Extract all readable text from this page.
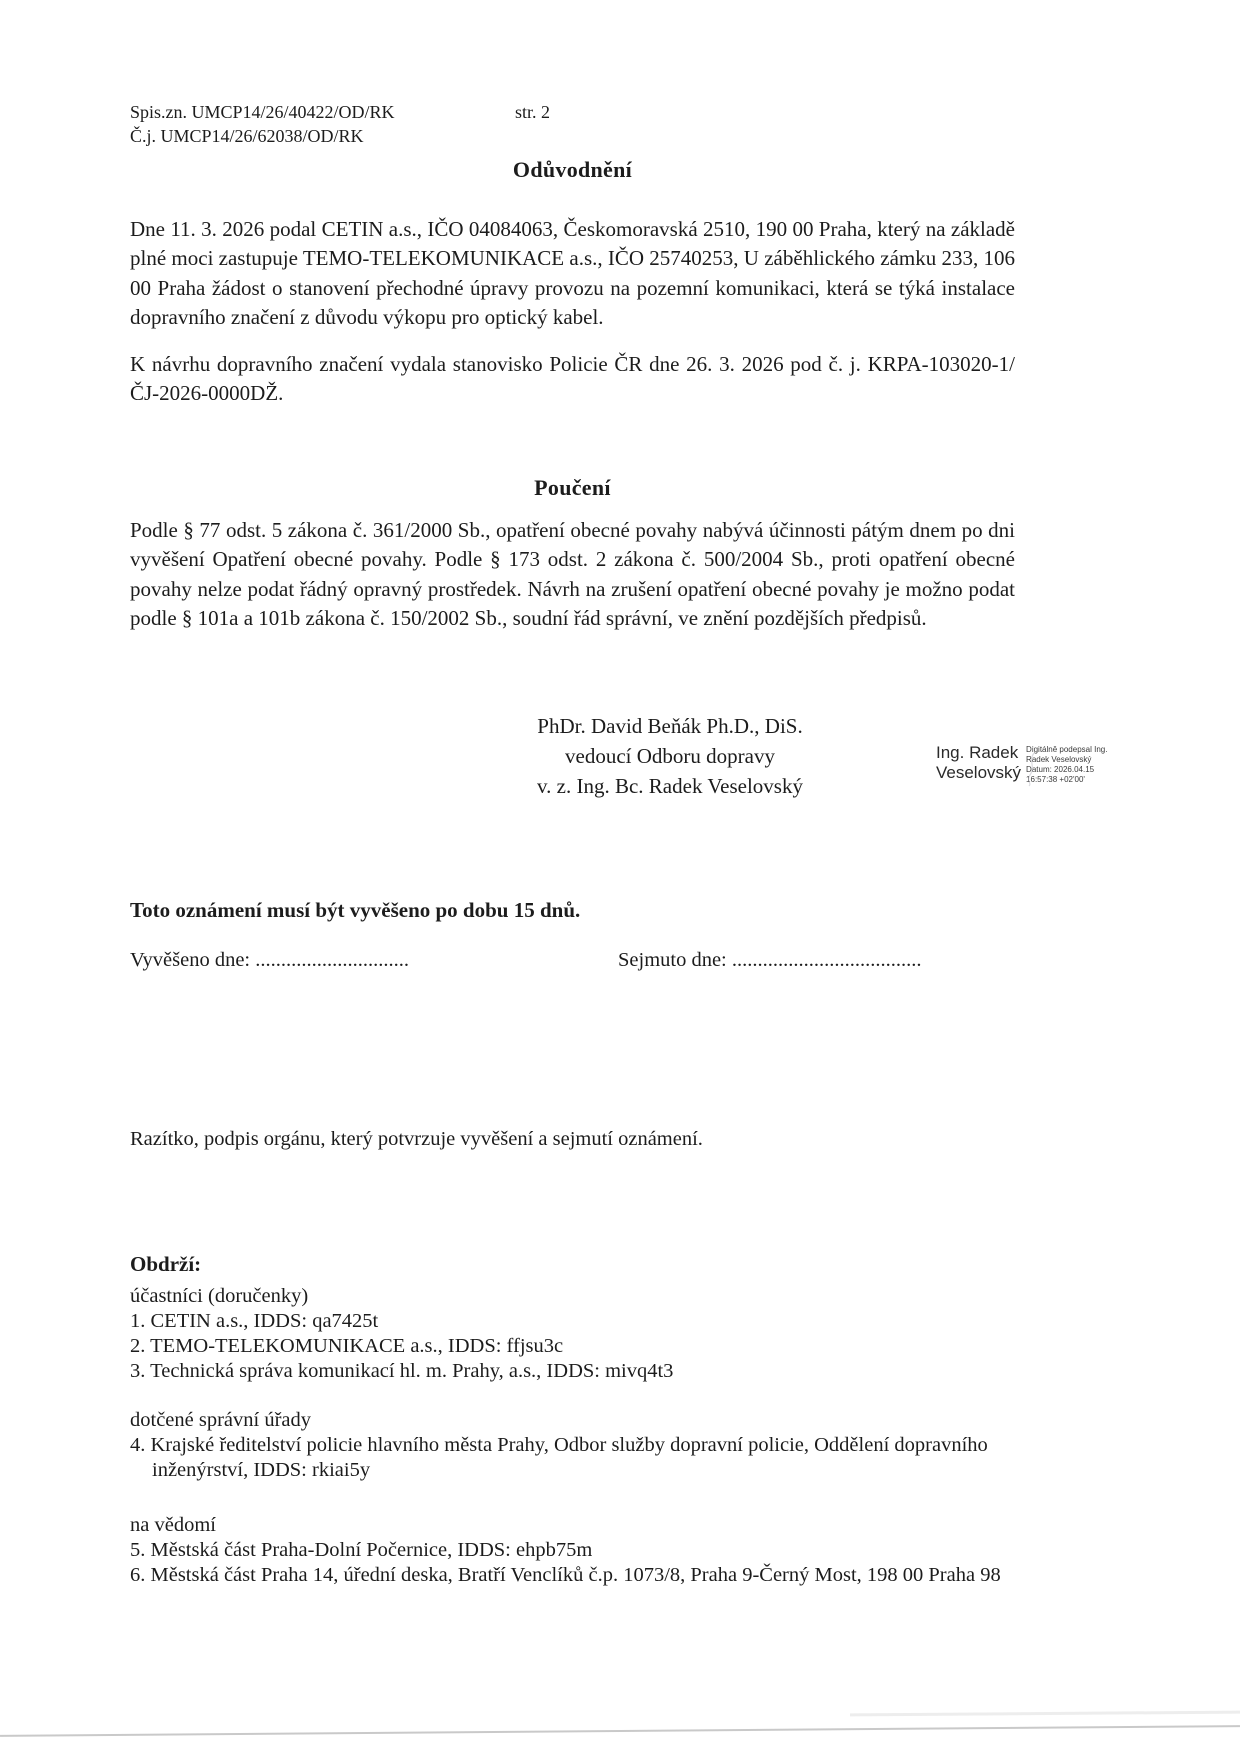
Spis.zn. UMCP14/26/40422/OD/RK	str. 2
Č.j. UMCP14/26/62038/OD/RK
Odůvodnění
Dne 11. 3. 2026 podal CETIN a.s., IČO 04084063, Českomoravská 2510, 190 00 Praha, který na základě plné moci zastupuje TEMO-TELEKOMUNIKACE a.s., IČO 25740253, U záběhlického zámku 233, 106 00 Praha žádost o stanovení přechodné úpravy provozu na pozemní komunikaci, která se týká instalace dopravního značení z důvodu výkopu pro optický kabel.
K návrhu dopravního značení vydala stanovisko Policie ČR dne 26. 3. 2026 pod č. j. KRPA-103020-1/ČJ-2026-0000DŽ.
Poučení
Podle § 77 odst. 5 zákona č. 361/2000 Sb., opatření obecné povahy nabývá účinnosti pátým dnem po dni vyvěšení Opatření obecné povahy. Podle § 173 odst. 2 zákona č. 500/2004 Sb., proti opatření obecné povahy nelze podat řádný opravný prostředek. Návrh na zrušení opatření obecné povahy je možno podat podle § 101a a 101b zákona č. 150/2002 Sb., soudní řád správní, ve znění pozdějších předpisů.
PhDr. David Beňák Ph.D., DiS.
vedoucí Odboru dopravy
v. z. Ing. Bc. Radek Veselovský
Ing. Radek
Veselovský
Digitálně podepsal Ing.
Radek Veselovský
Datum: 2026.04.15
16:57:38 +02'00'
Toto oznámení musí být vyvěšeno po dobu 15 dnů.
Vyvěšeno dne: ..............................	Sejmuto dne: .....................................
Razítko, podpis orgánu, který potvrzuje vyvěšení a sejmutí oznámení.
Obdrží:
účastníci (doručenky)
1. CETIN a.s., IDDS: qa7425t
2. TEMO-TELEKOMUNIKACE a.s., IDDS: ffjsu3c
3. Technická správa komunikací hl. m. Prahy, a.s., IDDS: mivq4t3
dotčené správní úřady
4. Krajské ředitelství policie hlavního města Prahy, Odbor služby dopravní policie, Oddělení dopravního
inženýrství, IDDS: rkiai5y
na vědomí
5. Městská část Praha-Dolní Počernice, IDDS: ehpb75m
6. Městská část Praha 14, úřední deska, Bratří Venclíků č.p. 1073/8, Praha 9-Černý Most, 198 00 Praha 98
